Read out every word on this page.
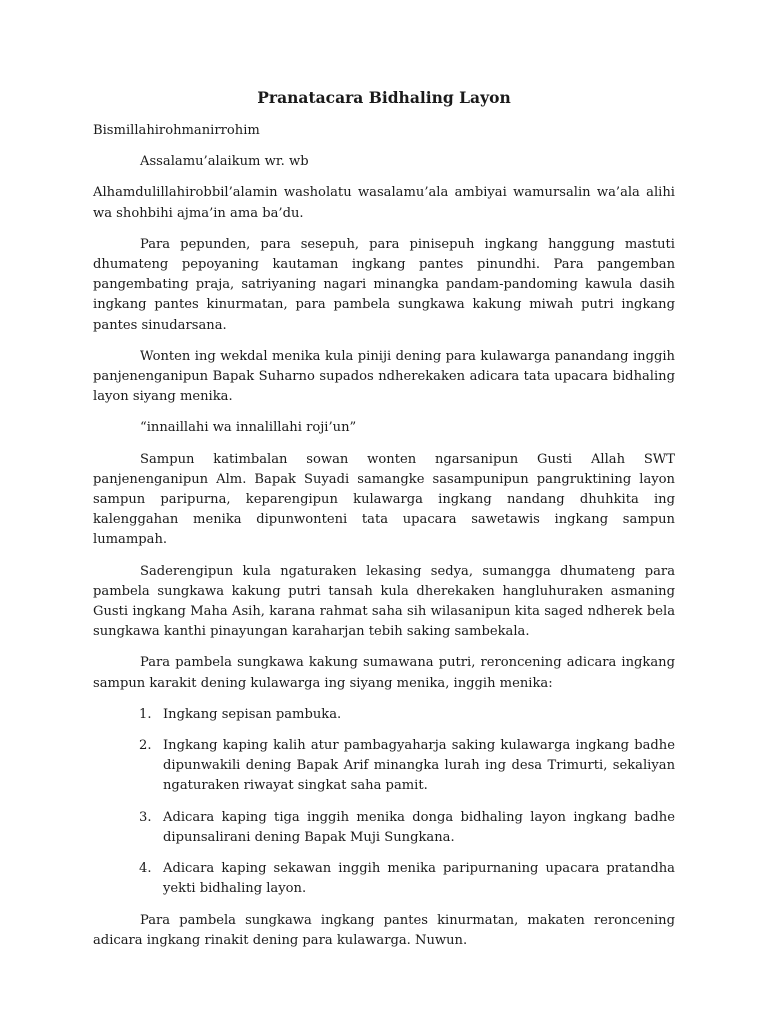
Pranatacara Bidhaling Layon

Bismillahirohmanirrohim

Assalamu’alaikum wr. wb

Alhamdulillahirobbil’alamin washolatu wasalamu’ala ambiyai wamursalin wa’ala alihi wa shohbihi ajma’in ama ba’du.

Para pepunden, para sesepuh, para pinisepuh ingkang hanggung mastuti dhumateng pepoyaning kautaman ingkang pantes pinundhi. Para pangemban pangembating praja, satriyaning nagari minangka pandam-pandoming kawula dasih ingkang pantes kinurmatan, para pambela sungkawa kakung miwah putri ingkang pantes sinudarsana.

Wonten ing wekdal menika kula piniji dening para kulawarga panandang inggih panjenenganipun Bapak Suharno supados ndherekaken adicara tata upacara bidhaling layon siyang menika.

“innaillahi wa innalillahi roji’un”

Sampun katimbalan sowan wonten ngarsanipun Gusti Allah SWT panjenenganipun Alm. Bapak Suyadi samangke sasampunipun pangruktining layon sampun paripurna, keparengipun kulawarga ingkang nandang dhuhkita ing kalenggahan menika dipunwonteni tata upacara sawetawis ingkang sampun lumampah.

Saderengipun kula ngaturaken lekasing sedya, sumangga dhumateng para pambela sungkawa kakung putri tansah kula dherekaken hangluhuraken asmaning Gusti ingkang Maha Asih, karana rahmat saha sih wilasanipun kita saged ndherek bela sungkawa kanthi pinayungan karaharjan tebih saking sambekala.

Para pambela sungkawa kakung sumawana putri, reroncening adicara ingkang sampun karakit dening kulawarga ing siyang menika, inggih menika:

1. Ingkang sepisan pambuka.
2. Ingkang kaping kalih atur pambagyaharja saking kulawarga ingkang badhe dipunwakili dening Bapak Arif minangka lurah ing desa Trimurti, sekaliyan ngaturaken riwayat singkat saha pamit.
3. Adicara kaping tiga inggih menika donga bidhaling layon ingkang badhe dipunsalirani dening Bapak Muji Sungkana.
4. Adicara kaping sekawan inggih menika paripurnaning upacara pratandha yekti bidhaling layon.

Para pambela sungkawa ingkang pantes kinurmatan, makaten reroncening adicara ingkang rinakit dening para kulawarga. Nuwun.
